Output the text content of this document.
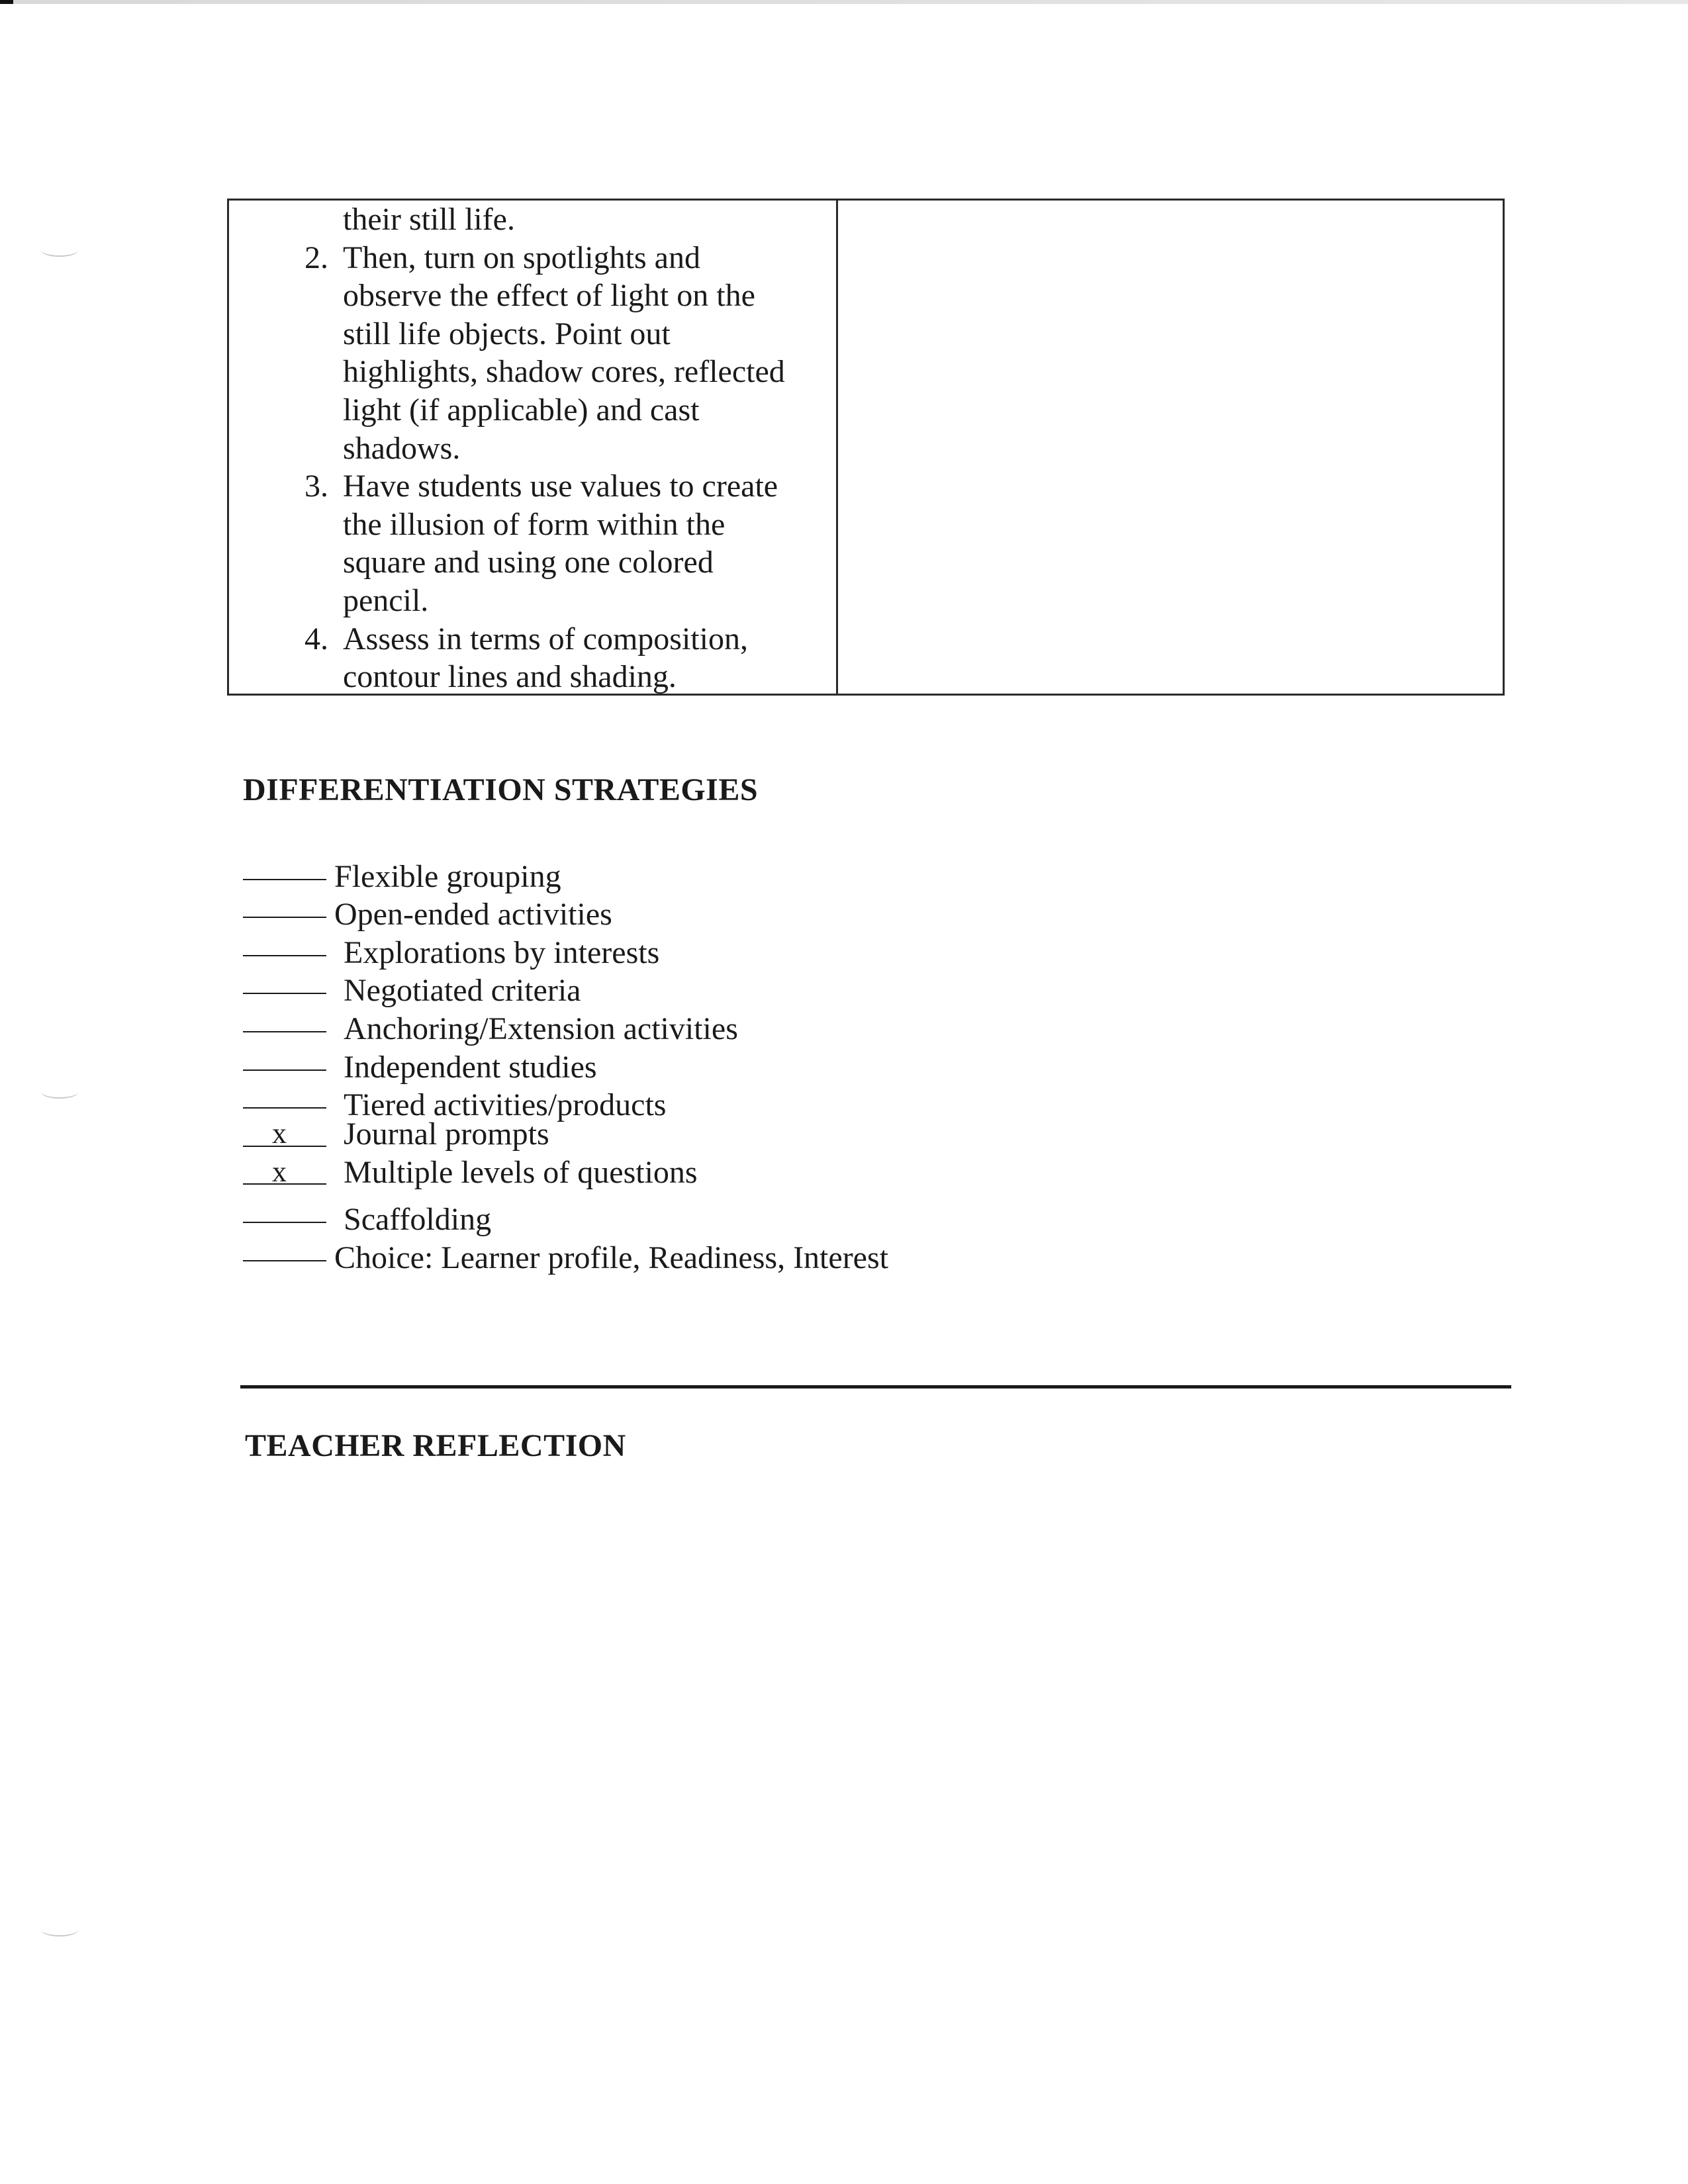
their still life.
2. Then, turn on spotlights and
observe the effect of light on the
still life objects. Point out
highlights, shadow cores, reflected
light (if applicable) and cast
shadows.
3. Have students use values to create
the illusion of form within the
square and using one colored
pencil.
4. Assess in terms of composition,
contour lines and shading.
DIFFERENTIATION STRATEGIES
Flexible grouping
Open-ended activities
Explorations by interests
Negotiated criteria
Anchoring/Extension activities
Independent studies
Tiered activities/products
x	Journal prompts
x	Multiple levels of questions
Scaffolding
Choice: Learner profile, Readiness, Interest
TEACHER REFLECTION
